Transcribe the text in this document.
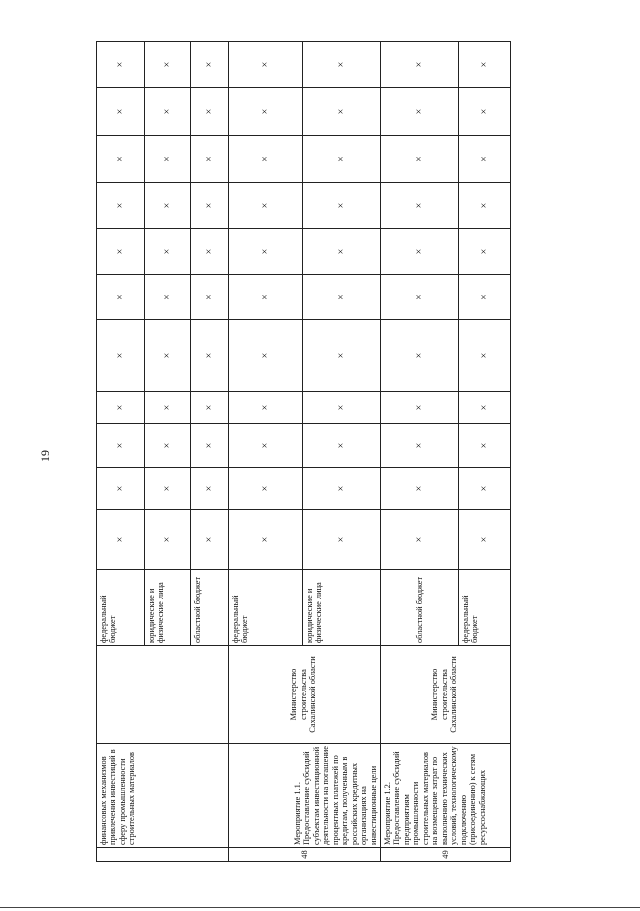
19
	финансовых механизмов привлечения инвестиций в сферу промышленности строительных материалов		федеральный бюджет	×	×	×	×	×	×	×	×	×	×	×
			юридические и физические лица	×	×	×	×	×	×	×	×	×	×	×
			областной бюджет	×	×	×	×	×	×	×	×	×	×	×
48	Мероприятие 1.1. Предоставление субсидий субъектам инвестиционной деятельности на погашение процентных платежей по кредитам, полученным в российских кредитных организациях на инвестиционные цели	Министерство строительства Сахалинской области	федеральный бюджет	×	×	×	×	×	×	×	×	×	×	×
			юридические и физические лица	×	×	×	×	×	×	×	×	×	×	×
49	Мероприятие 1.2. Предоставление субсидий предприятиям промышленности строительных материалов на возмещение затрат по выполнению технических условий, технологическому подключению (присоединению) к сетям ресурсоснабжающих	Министерство строительства Сахалинской области	областной бюджет	×	×	×	×	×	×	×	×	×	×	×
			федеральный бюджет	×	×	×	×	×	×	×	×	×	×	×
